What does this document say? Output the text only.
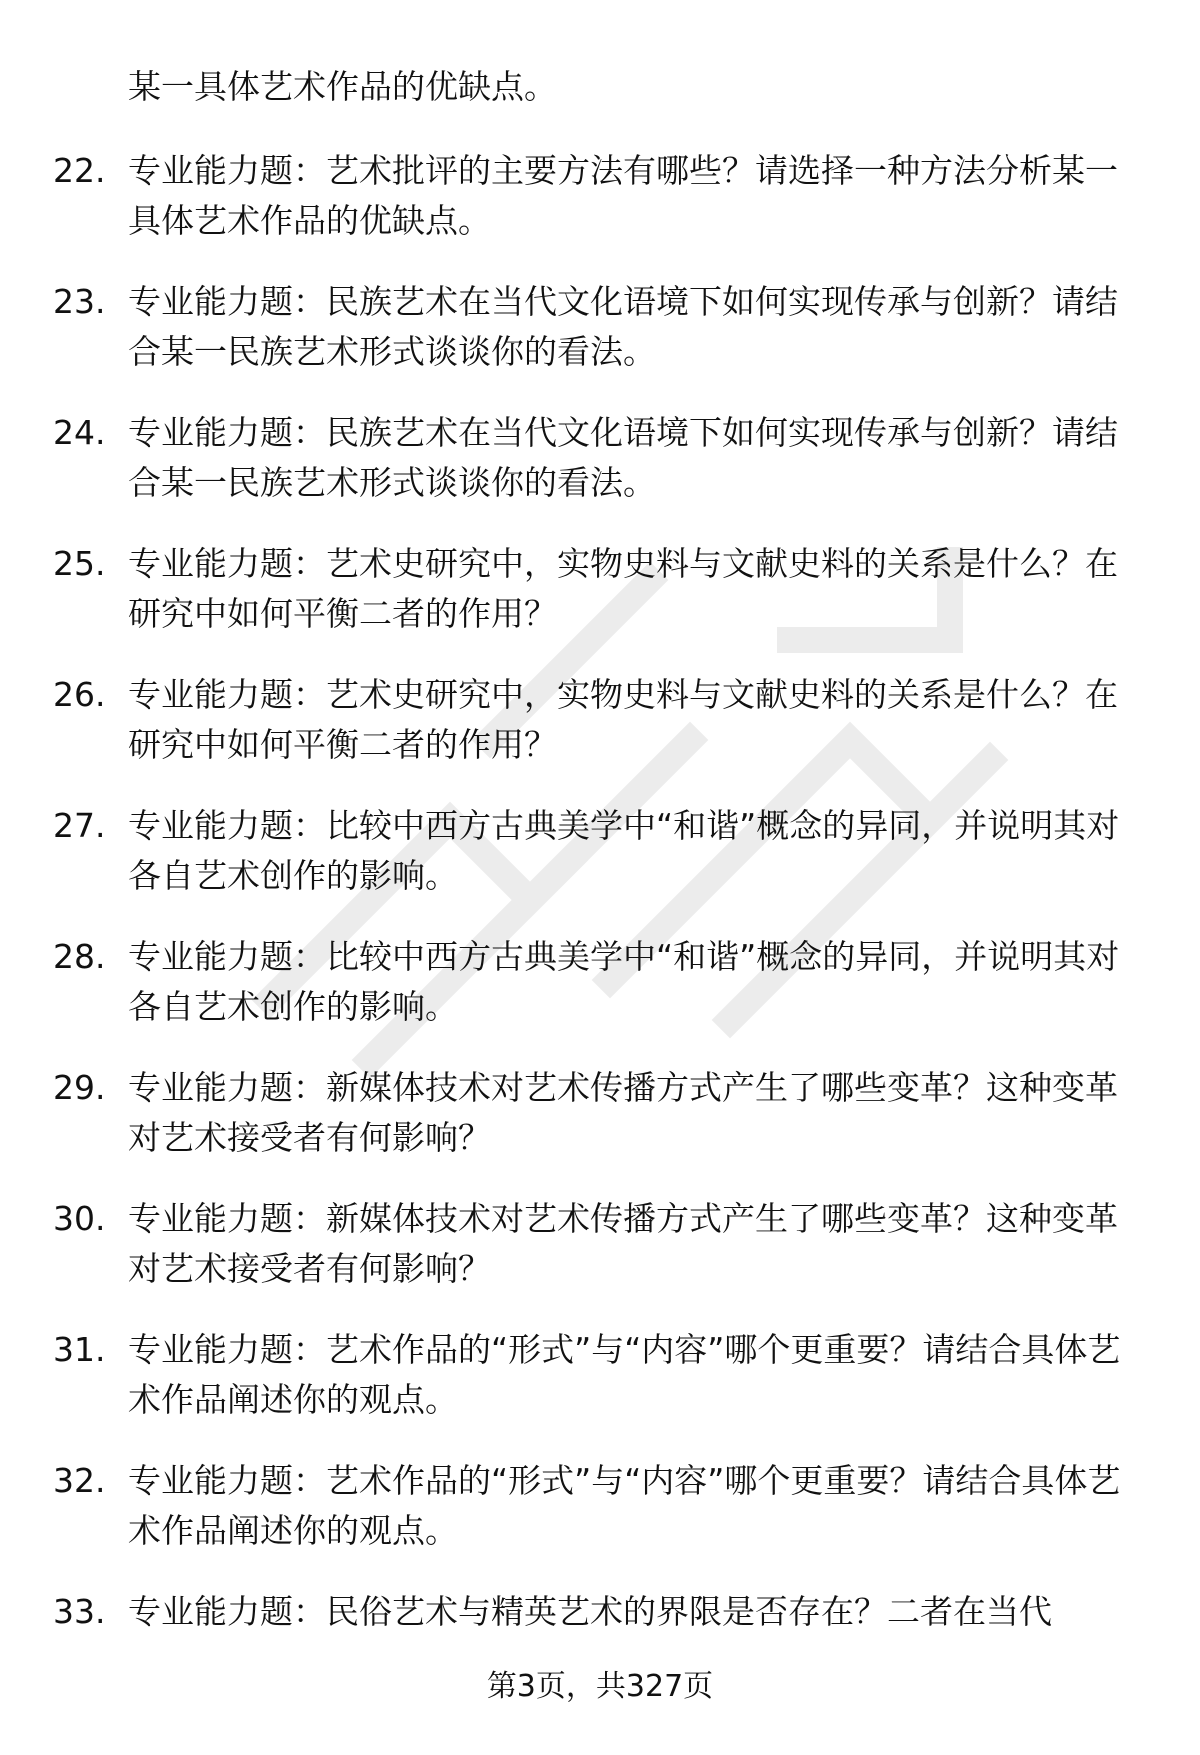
某一具体艺术作品的优缺点。
22. 专业能力题：艺术批评的主要方法有哪些？请选择一种方法分析某一具体艺术作品的优缺点。
23. 专业能力题：民族艺术在当代文化语境下如何实现传承与创新？请结合某一民族艺术形式谈谈你的看法。
24. 专业能力题：民族艺术在当代文化语境下如何实现传承与创新？请结合某一民族艺术形式谈谈你的看法。
25. 专业能力题：艺术史研究中，实物史料与文献史料的关系是什么？在研究中如何平衡二者的作用？
26. 专业能力题：艺术史研究中，实物史料与文献史料的关系是什么？在研究中如何平衡二者的作用？
27. 专业能力题：比较中西方古典美学中“和谐”概念的异同，并说明其对各自艺术创作的影响。
28. 专业能力题：比较中西方古典美学中“和谐”概念的异同，并说明其对各自艺术创作的影响。
29. 专业能力题：新媒体技术对艺术传播方式产生了哪些变革？这种变革对艺术接受者有何影响？
30. 专业能力题：新媒体技术对艺术传播方式产生了哪些变革？这种变革对艺术接受者有何影响？
31. 专业能力题：艺术作品的“形式”与“内容”哪个更重要？请结合具体艺术作品阐述你的观点。
32. 专业能力题：艺术作品的“形式”与“内容”哪个更重要？请结合具体艺术作品阐述你的观点。
33. 专业能力题：民俗艺术与精英艺术的界限是否存在？二者在当代
第3页，共327页
